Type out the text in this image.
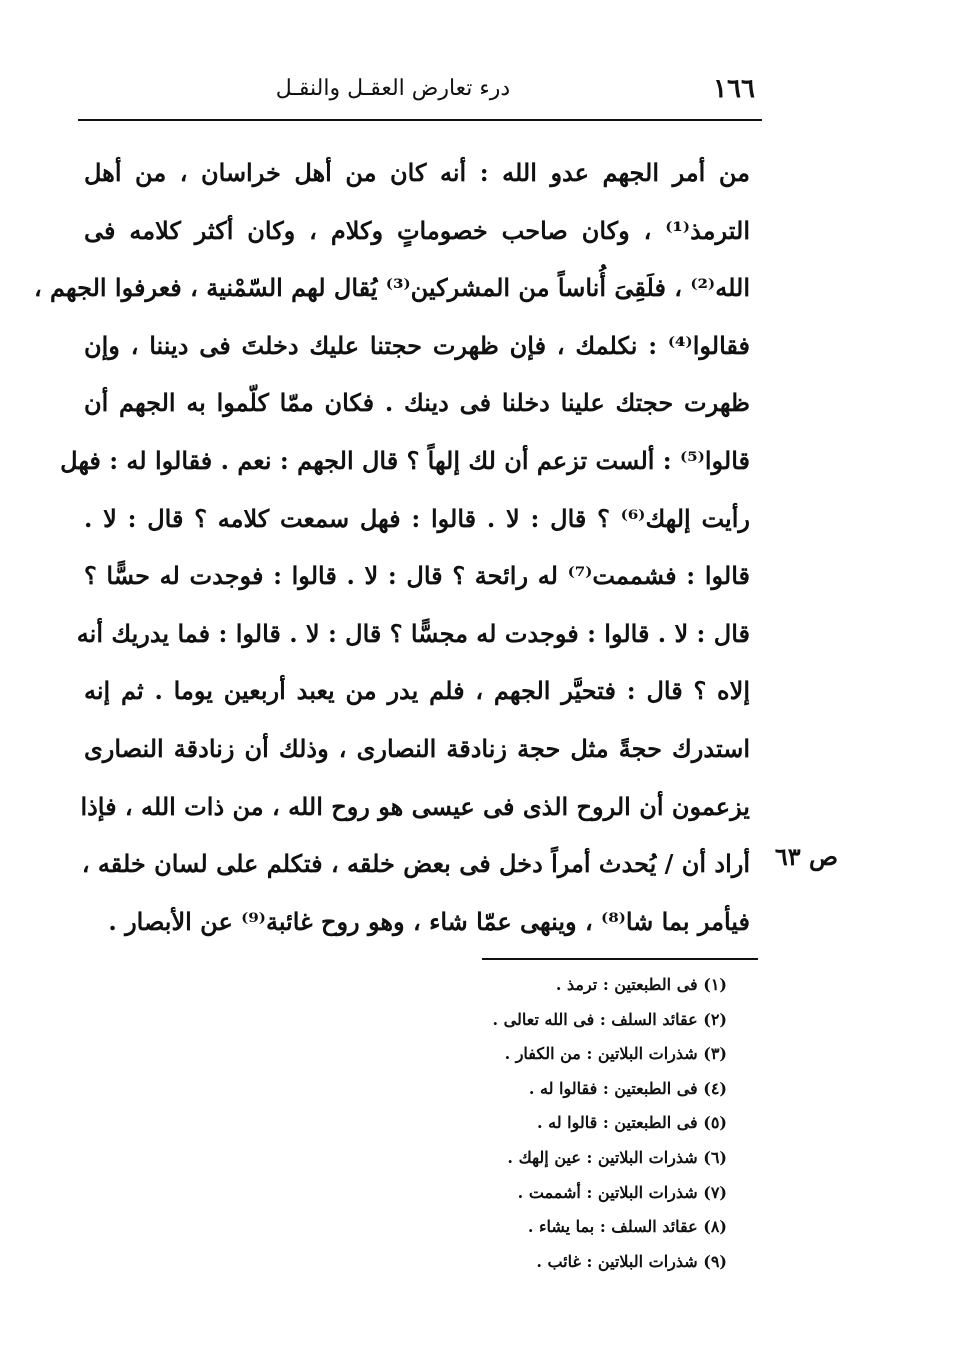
١٦٦
درء تعارض العقـل والنقـل
من أمر الجهم عدو الله : أنه كان من أهل خراسان ، من أهل
الترمذ⁽¹⁾ ، وكان صاحب خصوماتٍ وكلام ، وكان أكثر كلامه فى
الله⁽²⁾ ، فلَقِىَ أُناساً من المشركين⁽³⁾ يُقال لهم السّمْنية ، فعرفوا الجهم ،
فقالوا⁽⁴⁾ : نكلمك ، فإن ظهرت حجتنا عليك دخلتَ فى ديننا ، وإن
ظهرت حجتك علينا دخلنا فى دينك . فكان ممّا كلّموا به الجهم أن
قالوا⁽⁵⁾ : ألست تزعم أن لك إلهاً ؟ قال الجهم : نعم . فقالوا له : فهل
رأيت إلهك⁽⁶⁾ ؟ قال : لا . قالوا : فهل سمعت كلامه ؟ قال : لا .
قالوا : فشممت⁽⁷⁾ له رائحة ؟ قال : لا . قالوا : فوجدت له حسًّا ؟
قال : لا . قالوا : فوجدت له مجسًّا ؟ قال : لا . قالوا : فما يدريك أنه
إلاه ؟ قال : فتحيَّر الجهم ، فلم يدر من يعبد أربعين يوما . ثم إنه
استدرك حجةً مثل حجة زنادقة النصارى ، وذلك أن زنادقة النصارى
يزعمون أن الروح الذى فى عيسى هو روح الله ، من ذات الله ، فإذا
أراد أن / يُحدث أمراً دخل فى بعض خلقه ، فتكلم على لسان خلقه ،
فيأمر بما شا⁽⁸⁾ ، وينهى عمّا شاء ، وهو روح غائبة⁽⁹⁾ عن الأبصار .
ص ٦٣
(١) فى الطبعتين : ترمذ .
(٢) عقائد السلف : فى الله تعالى .
(٣) شذرات البلاتين : من الكفار .
(٤) فى الطبعتين : فقالوا له .
(٥) فى الطبعتين : قالوا له .
(٦) شذرات البلاتين : عين إلهك .
(٧) شذرات البلاتين : أشممت .
(٨) عقائد السلف : بما يشاء .
(٩) شذرات البلاتين : غائب .
